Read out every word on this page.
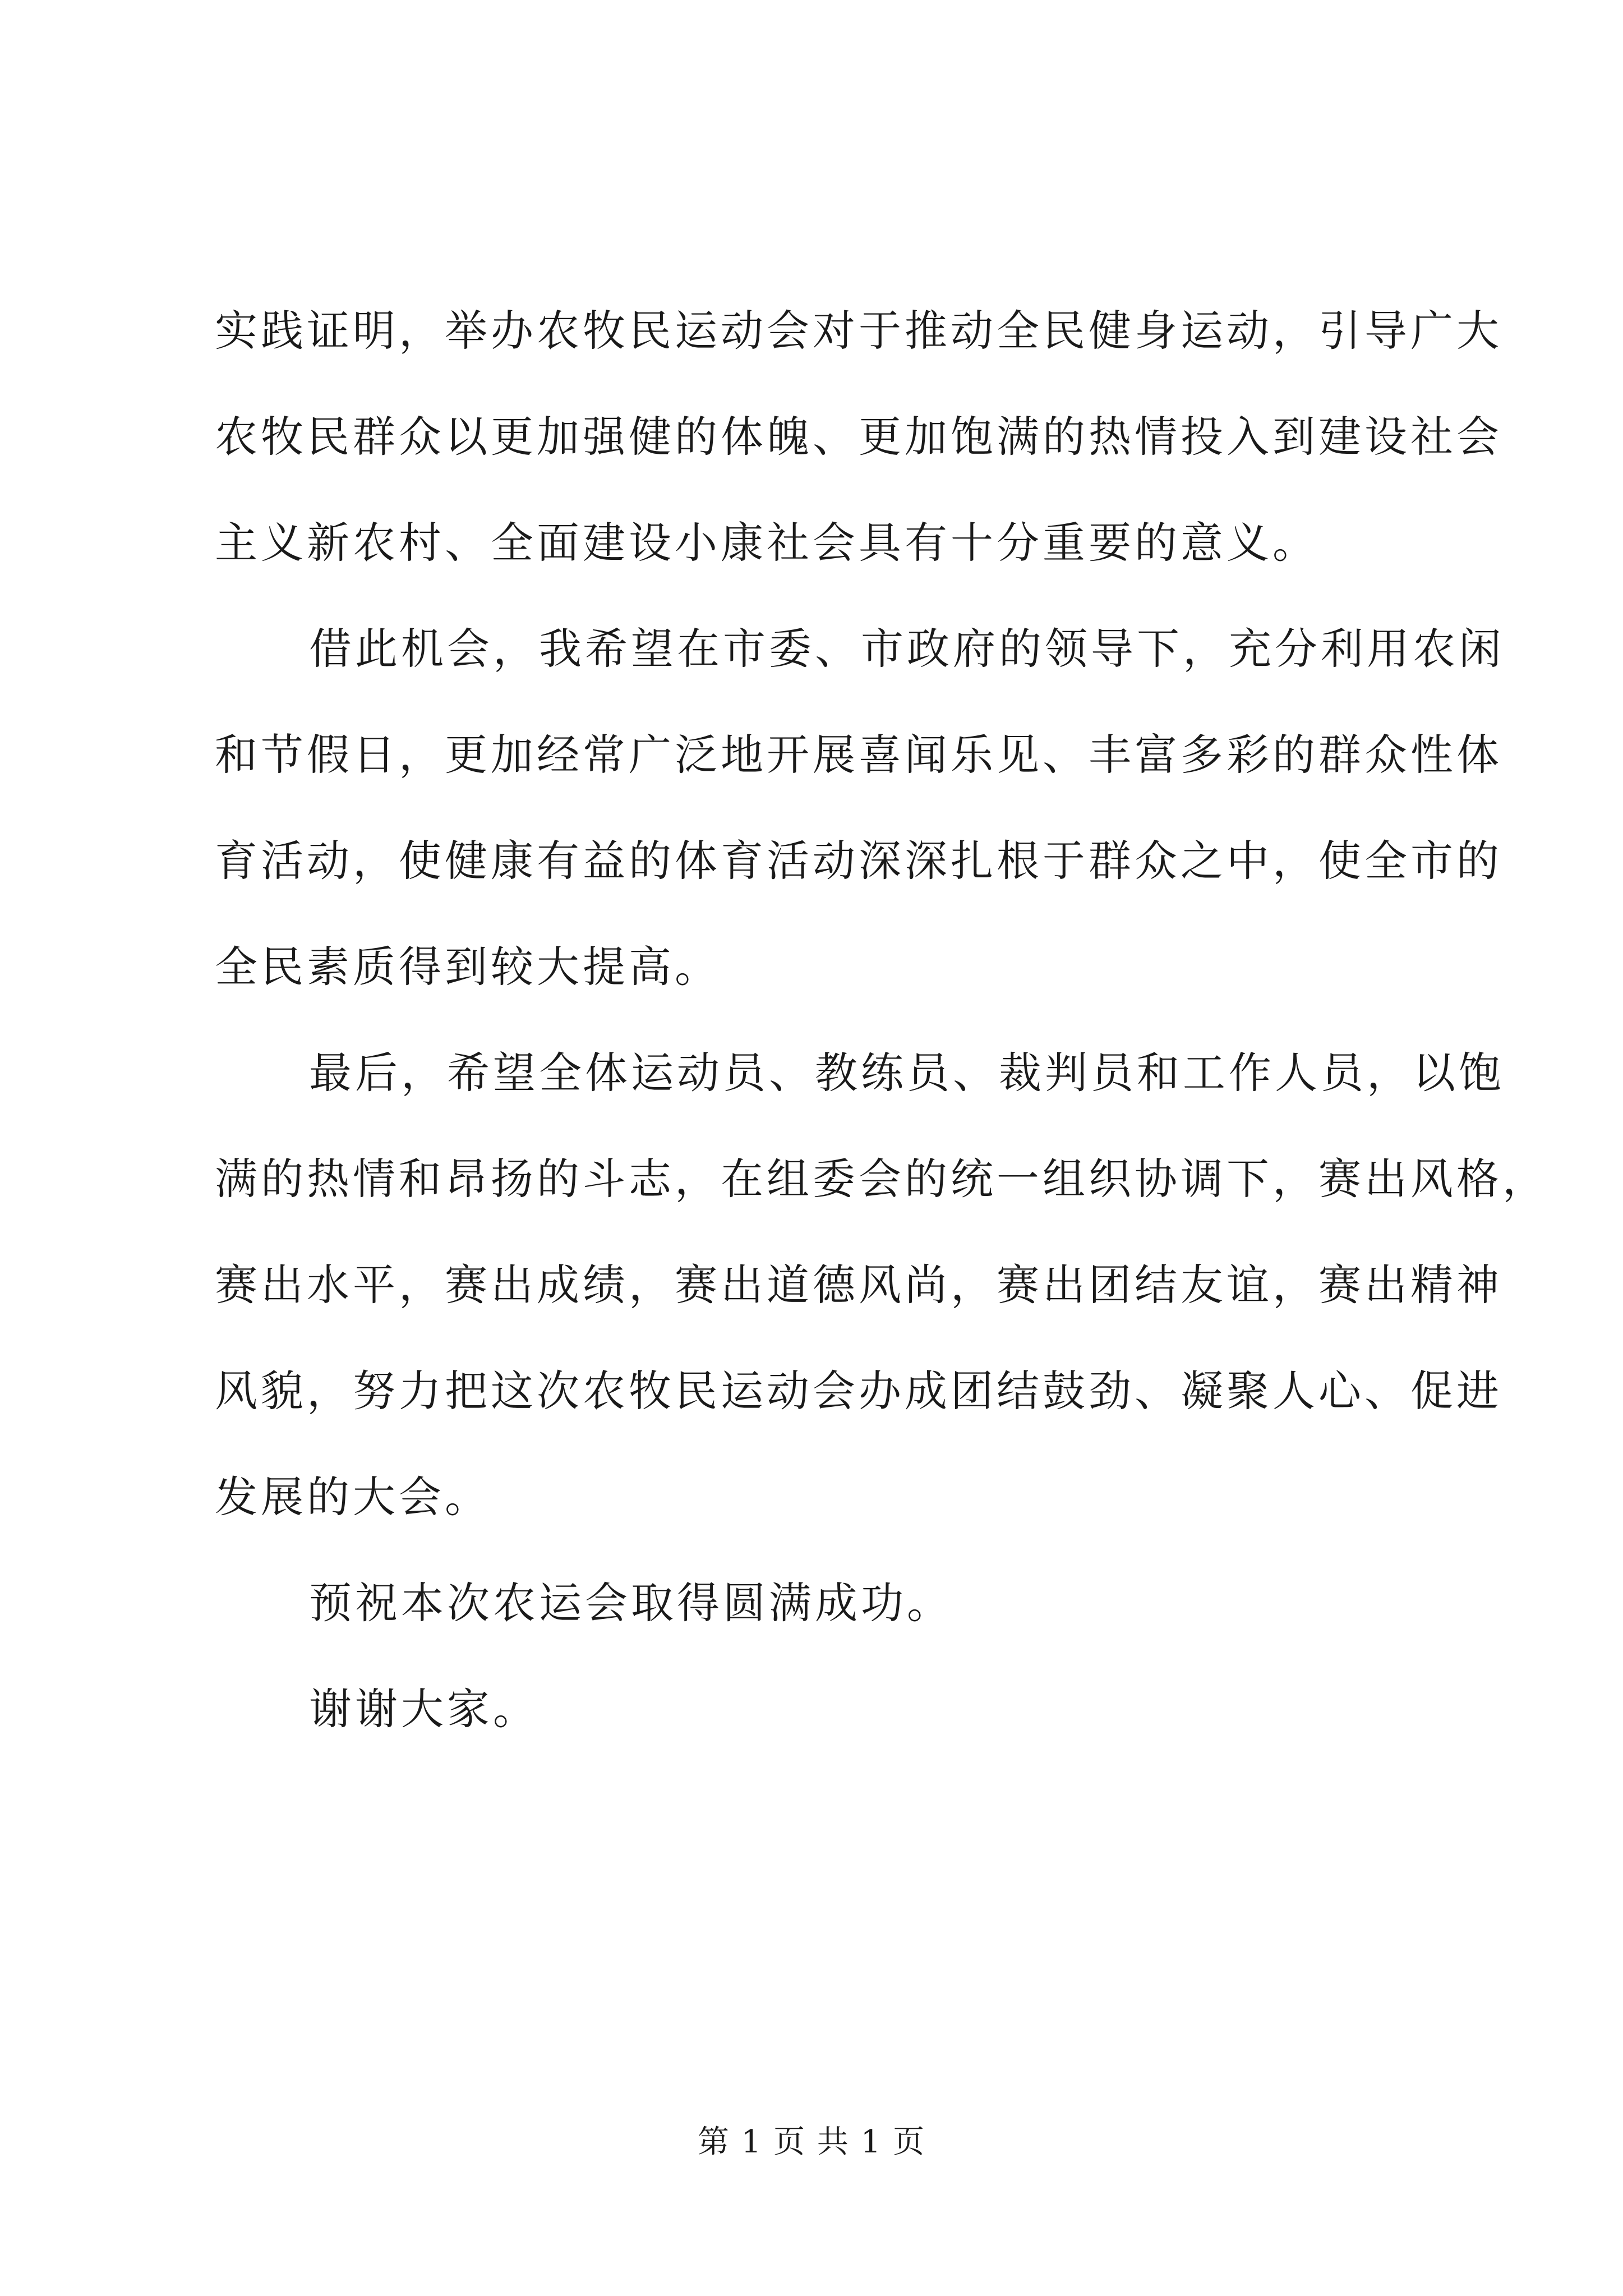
实践证明，举办农牧民运动会对于推动全民健身运动，引导广大
农牧民群众以更加强健的体魄、更加饱满的热情投入到建设社会
主义新农村、全面建设小康社会具有十分重要的意义。
借此机会，我希望在市委、市政府的领导下，充分利用农闲
和节假日，更加经常广泛地开展喜闻乐见、丰富多彩的群众性体
育活动，使健康有益的体育活动深深扎根于群众之中，使全市的
全民素质得到较大提高。
最后，希望全体运动员、教练员、裁判员和工作人员，以饱
满的热情和昂扬的斗志，在组委会的统一组织协调下，赛出风格，
赛出水平，赛出成绩，赛出道德风尚，赛出团结友谊，赛出精神
风貌，努力把这次农牧民运动会办成团结鼓劲、凝聚人心、促进
发展的大会。
预祝本次农运会取得圆满成功。
谢谢大家。
第 1 页 共 1 页
